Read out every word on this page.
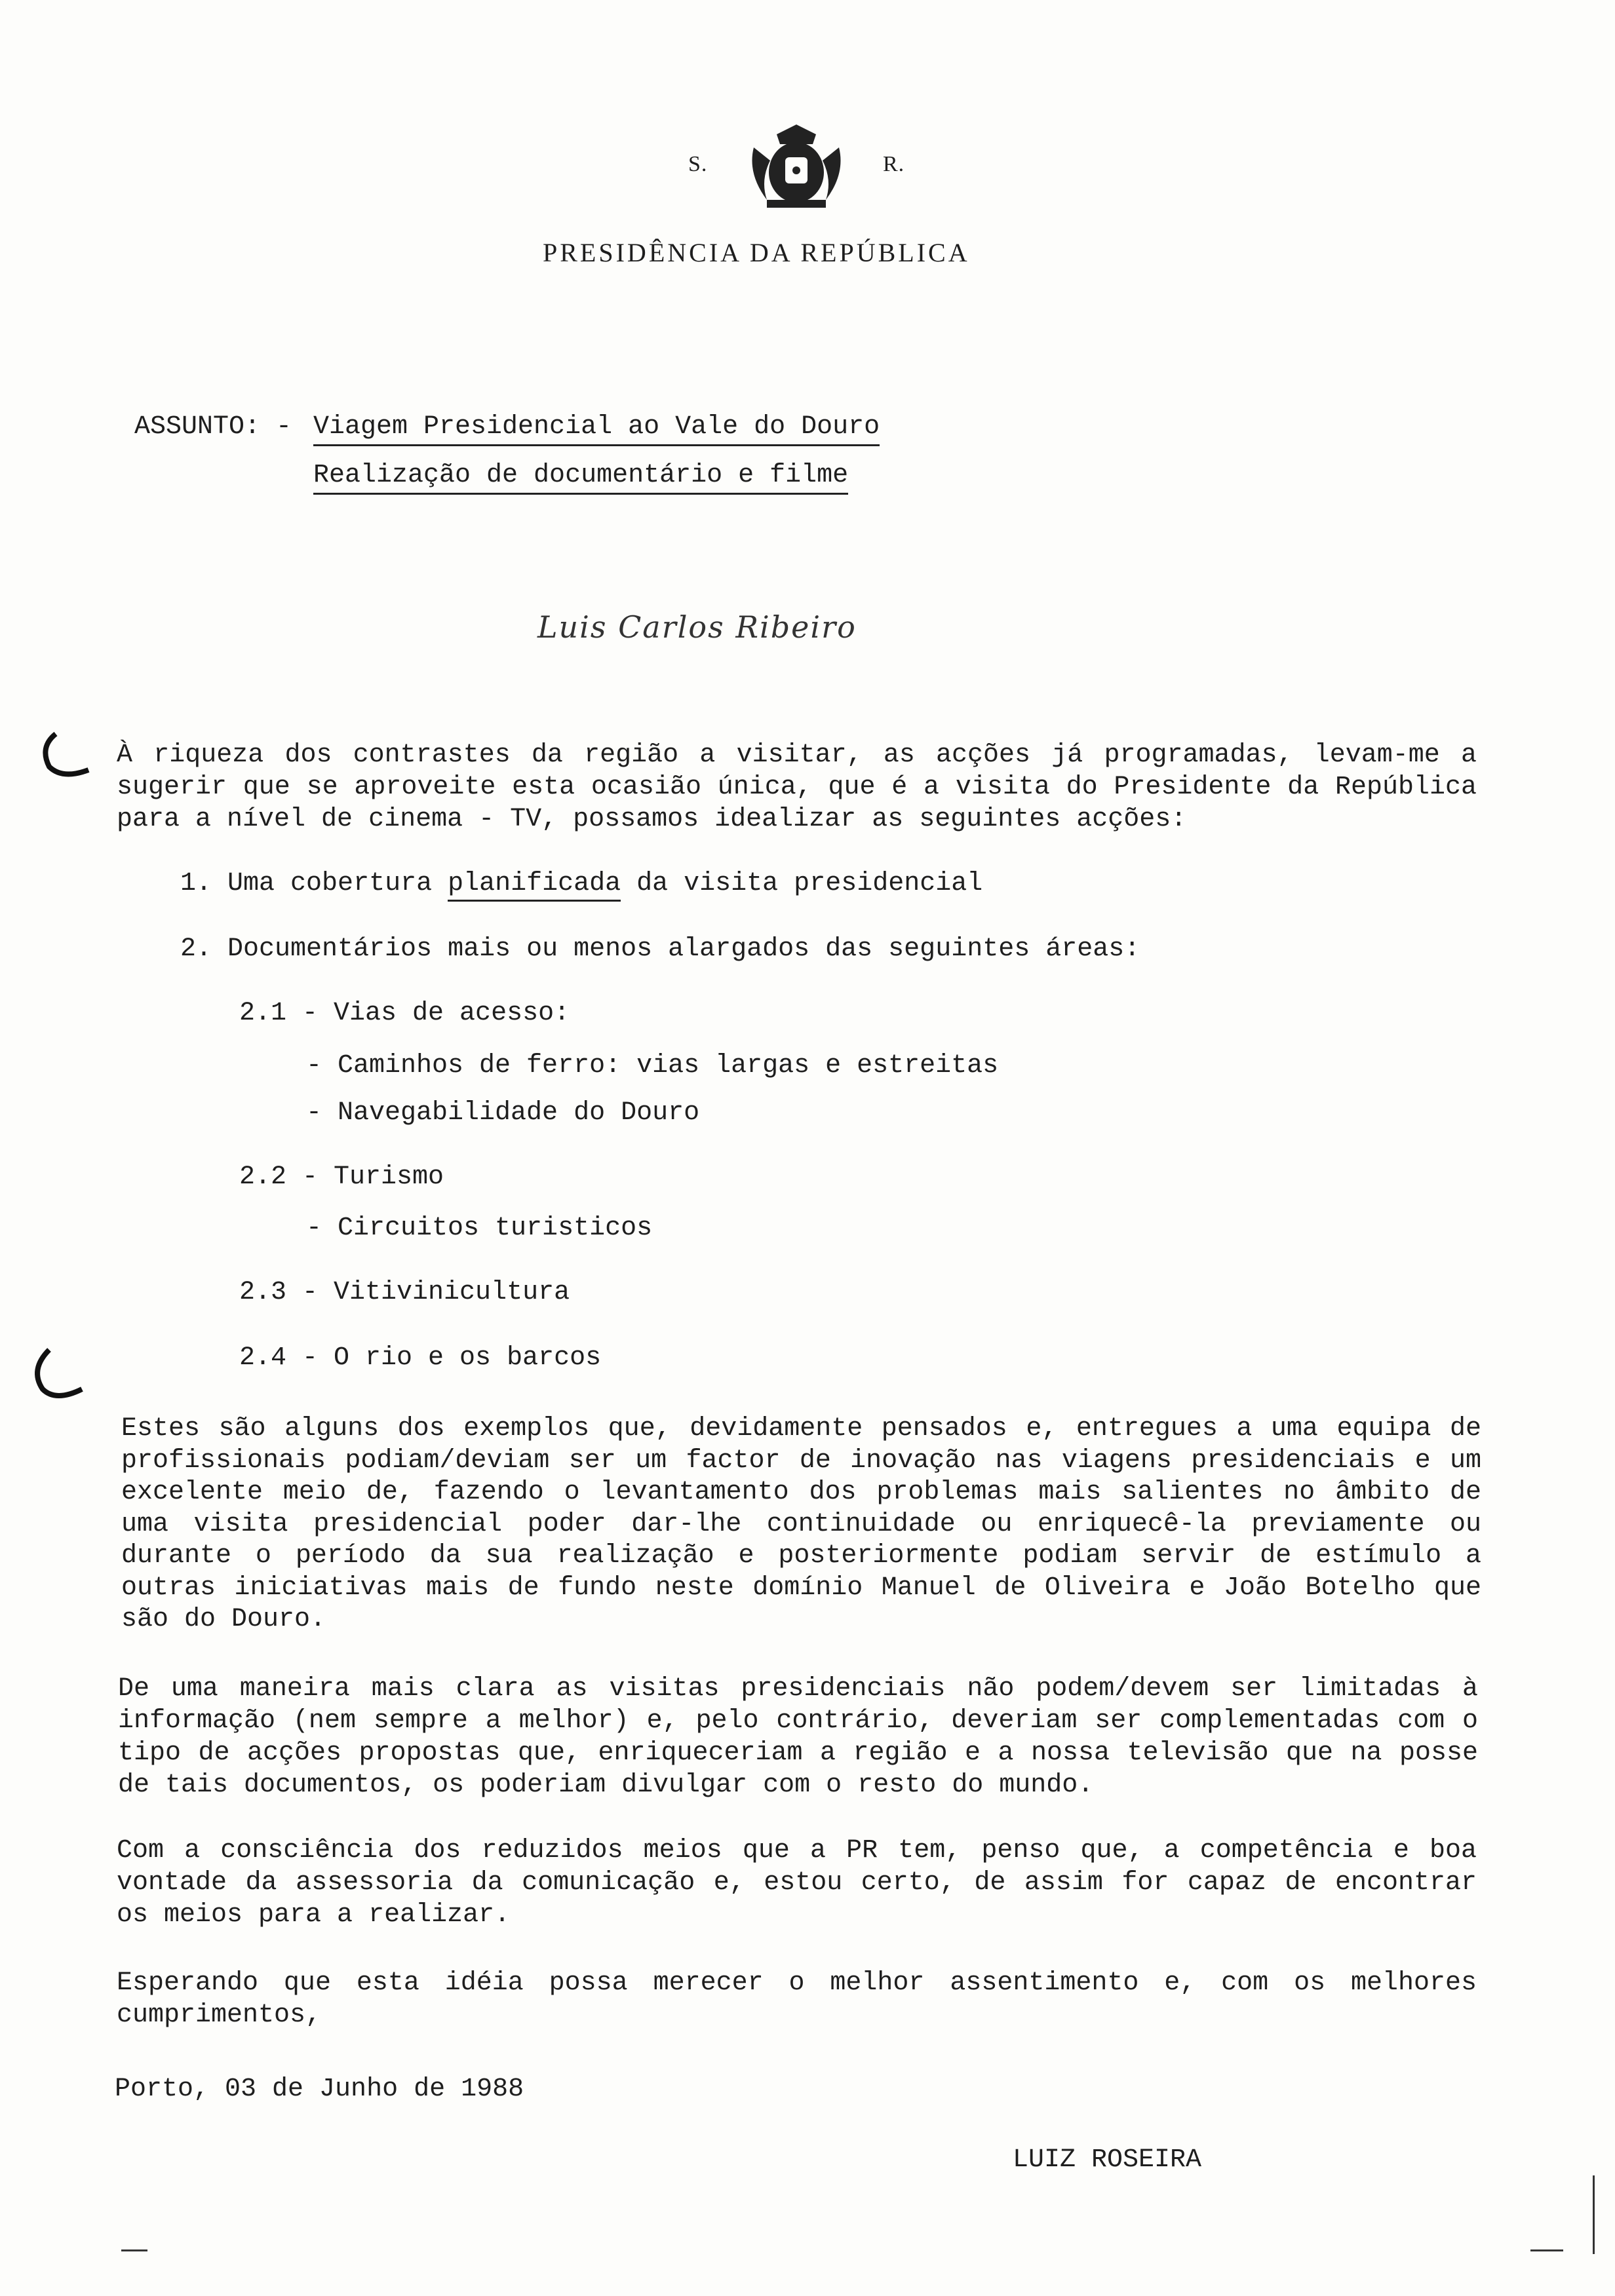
S.	R.
PRESIDÊNCIA DA REPÚBLICA
ASSUNTO: - Viagem Presidencial ao Vale do Douro
Realização de documentário e filme
Luis Carlos Ribeiro
À riqueza dos contrastes da região a visitar, as acções já programadas, levam-me a sugerir que se aproveite esta ocasião única, que é a visita do Presidente da República para a nível de cinema - TV, possamos idealizar as seguintes acções:
1. Uma cobertura planificada da visita presidencial
2. Documentários mais ou menos alargados das seguintes áreas:
2.1 - Vias de acesso:
- Caminhos de ferro: vias largas e estreitas
- Navegabilidade do Douro
2.2 - Turismo
- Circuitos turisticos
2.3 - Vitivinicultura
2.4 - O rio e os barcos
Estes são alguns dos exemplos que, devidamente pensados e, entregues a uma equipa de profissionais podiam/deviam ser um factor de inovação nas viagens presidenciais e um excelente meio de, fazendo o levantamento dos problemas mais salientes no âmbito de uma visita presidencial poder dar-lhe continuidade ou enriquecê-la previamente ou durante o período da sua realização e posteriormente podiam servir de estímulo a outras iniciativas mais de fundo neste domínio Manuel de Oliveira e João Botelho que são do Douro.
De uma maneira mais clara as visitas presidenciais não podem/devem ser limitadas à informação (nem sempre a melhor) e, pelo contrário, deveriam ser complementadas com o tipo de acções propostas que, enriqueceriam a região e a nossa televisão que na posse de tais documentos, os poderiam divulgar com o resto do mundo.
Com a consciência dos reduzidos meios que a PR tem, penso que, a competência e boa vontade da assessoria da comunicação e, estou certo, de assim for capaz de encontrar os meios para a realizar.
Esperando que esta idéia possa merecer o melhor assentimento e, com os melhores cumprimentos,
Porto, 03 de Junho de 1988
LUIZ ROSEIRA
